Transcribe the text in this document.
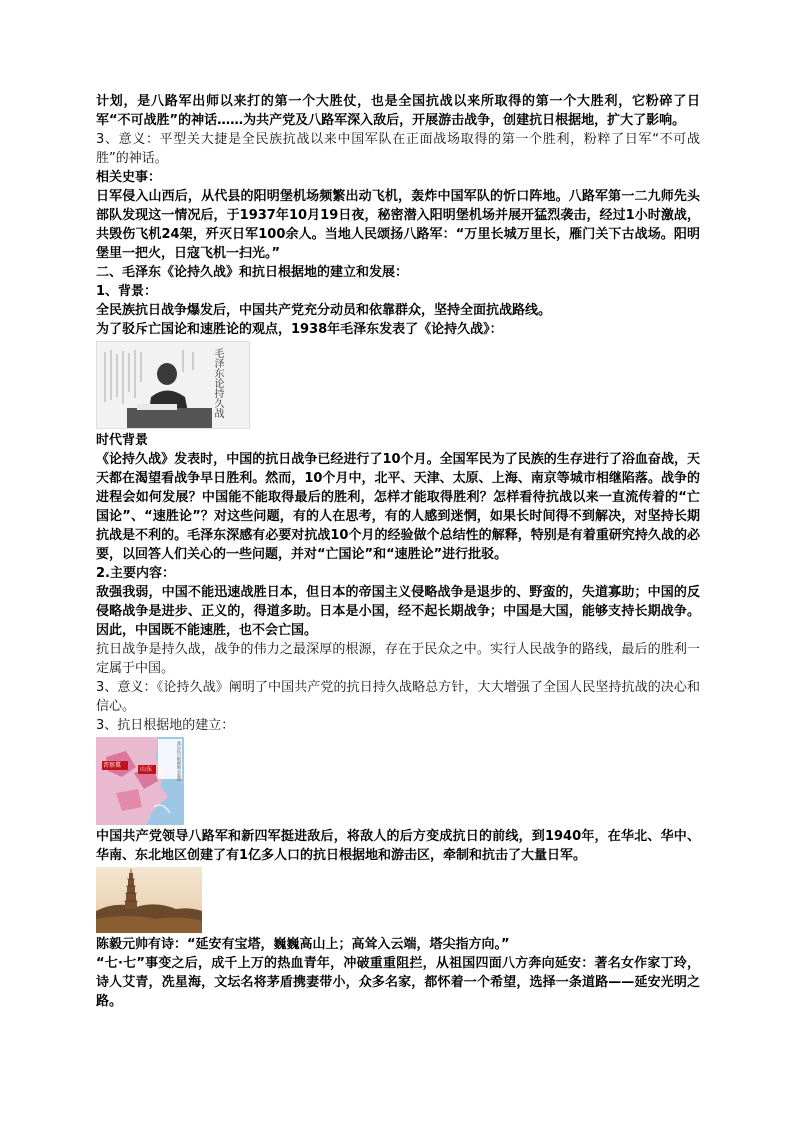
计划，是八路军出师以来打的第一个大胜仗，也是全国抗战以来所取得的第一个大胜利，它粉碎了日军“不可战胜”的神话……为共产党及八路军深入敌后，开展游击战争，创建抗日根据地，扩大了影响。

3、意义：平型关大捷是全民族抗战以来中国军队在正面战场取得的第一个胜利，粉粹了日军“不可战胜”的神话。

相关史事：

日军侵入山西后，从代县的阳明堡机场频繁出动飞机，轰炸中国军队的忻口阵地。八路军第一二九师先头部队发现这一情况后，于1937年10月19日夜，秘密潜入阳明堡机场并展开猛烈袭击，经过1小时激战，共毁伤飞机24架，歼灭日军100余人。当地人民颂扬八路军：“万里长城万里长，雁门关下古战场。阳明堡里一把火，日寇飞机一扫光。”

二、毛泽东《论持久战》和抗日根据地的建立和发展：

1、背景：

全民族抗日战争爆发后，中国共产党充分动员和依靠群众，坚持全面抗战路线。

为了驳斥亡国论和速胜论的观点，1938年毛泽东发表了《论持久战》：

毛泽东论持久战

时代背景

《论持久战》发表时，中国的抗日战争已经进行了10个月。全国军民为了民族的生存进行了浴血奋战，天天都在渴望看战争早日胜利。然而，10个月中，北平、天津、太原、上海、南京等城市相继陷落。战争的进程会如何发展？中国能不能取得最后的胜利，怎样才能取得胜利？怎样看待抗战以来一直流传着的“亡国论”、“速胜论”？对这些问题，有的人在思考，有的人感到迷惘，如果长时间得不到解决，对坚持长期抗战是不利的。毛泽东深感有必要对抗战10个月的经验做个总结性的解释，特别是有着重研究持久战的必要，以回答人们关心的一些问题，并对“亡国论”和“速胜论”进行批驳。

2.主要内容：

敌强我弱，中国不能迅速战胜日本，但日本的帝国主义侵略战争是退步的、野蛮的，失道寡助；中国的反侵略战争是进步、正义的，得道多助。日本是小国，经不起长期战争；中国是大国，能够支持长期战争。因此，中国既不能速胜，也不会亡国。

抗日战争是持久战，战争的伟力之最深厚的根源，存在于民众之中。实行人民战争的路线，最后的胜利一定属于中国。

3、意义：《论持久战》阐明了中国共产党的抗日持久战略总方针，大大增强了全国人民坚持抗战的决心和信心。

3、抗日根据地的建立：

晋察冀
山东	敌后抗日根据地示意图

中国共产党领导八路军和新四军挺进敌后，将敌人的后方变成抗日的前线，到1940年，在华北、华中、华南、东北地区创建了有1亿多人口的抗日根据地和游击区，牵制和抗击了大量日军。

陈毅元帅有诗：“延安有宝塔，巍巍高山上；高耸入云端，塔尖指方向。”

“七·七”事变之后，成千上万的热血青年，冲破重重阻拦，从祖国四面八方奔向延安：著名女作家丁玲，诗人艾青，冼星海，文坛名将茅盾携妻带小，众多名家，都怀着一个希望，选择一条道路——延安光明之路。
